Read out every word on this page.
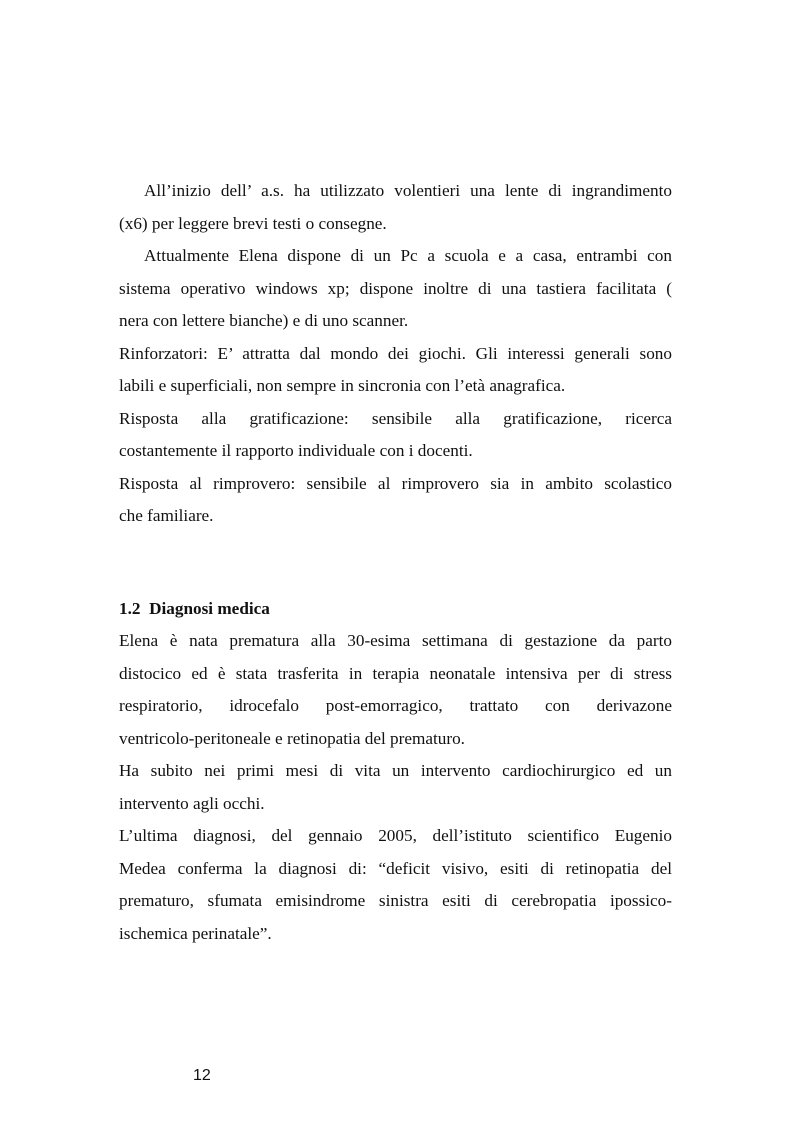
All’inizio dell’ a.s. ha utilizzato volentieri una lente di ingrandimento
(x6) per leggere brevi testi o consegne.
Attualmente Elena dispone di un Pc a scuola e a casa, entrambi con
sistema operativo windows xp; dispone inoltre di una tastiera facilitata (
nera con lettere bianche) e di uno scanner.
Rinforzatori: E’ attratta dal mondo dei giochi. Gli interessi generali sono
labili e superficiali, non sempre in sincronia con l’età anagrafica.
Risposta alla gratificazione: sensibile alla gratificazione, ricerca
costantemente il rapporto individuale con i docenti.
Risposta al rimprovero: sensibile al rimprovero sia in ambito scolastico
che familiare.
1.2 Diagnosi medica
Elena è nata prematura alla 30-esima settimana di gestazione da parto
distocico ed è stata trasferita in terapia neonatale intensiva per di stress
respiratorio, idrocefalo post-emorragico, trattato con derivazone
ventricolo-peritoneale e retinopatia del prematuro.
Ha subito nei primi mesi di vita un intervento cardiochirurgico ed un
intervento agli occhi.
L’ultima diagnosi, del gennaio 2005, dell’istituto scientifico Eugenio
Medea conferma la diagnosi di: “deficit visivo, esiti di retinopatia del
prematuro, sfumata emisindrome sinistra esiti di cerebropatia ipossico-
ischemica perinatale”.
12
